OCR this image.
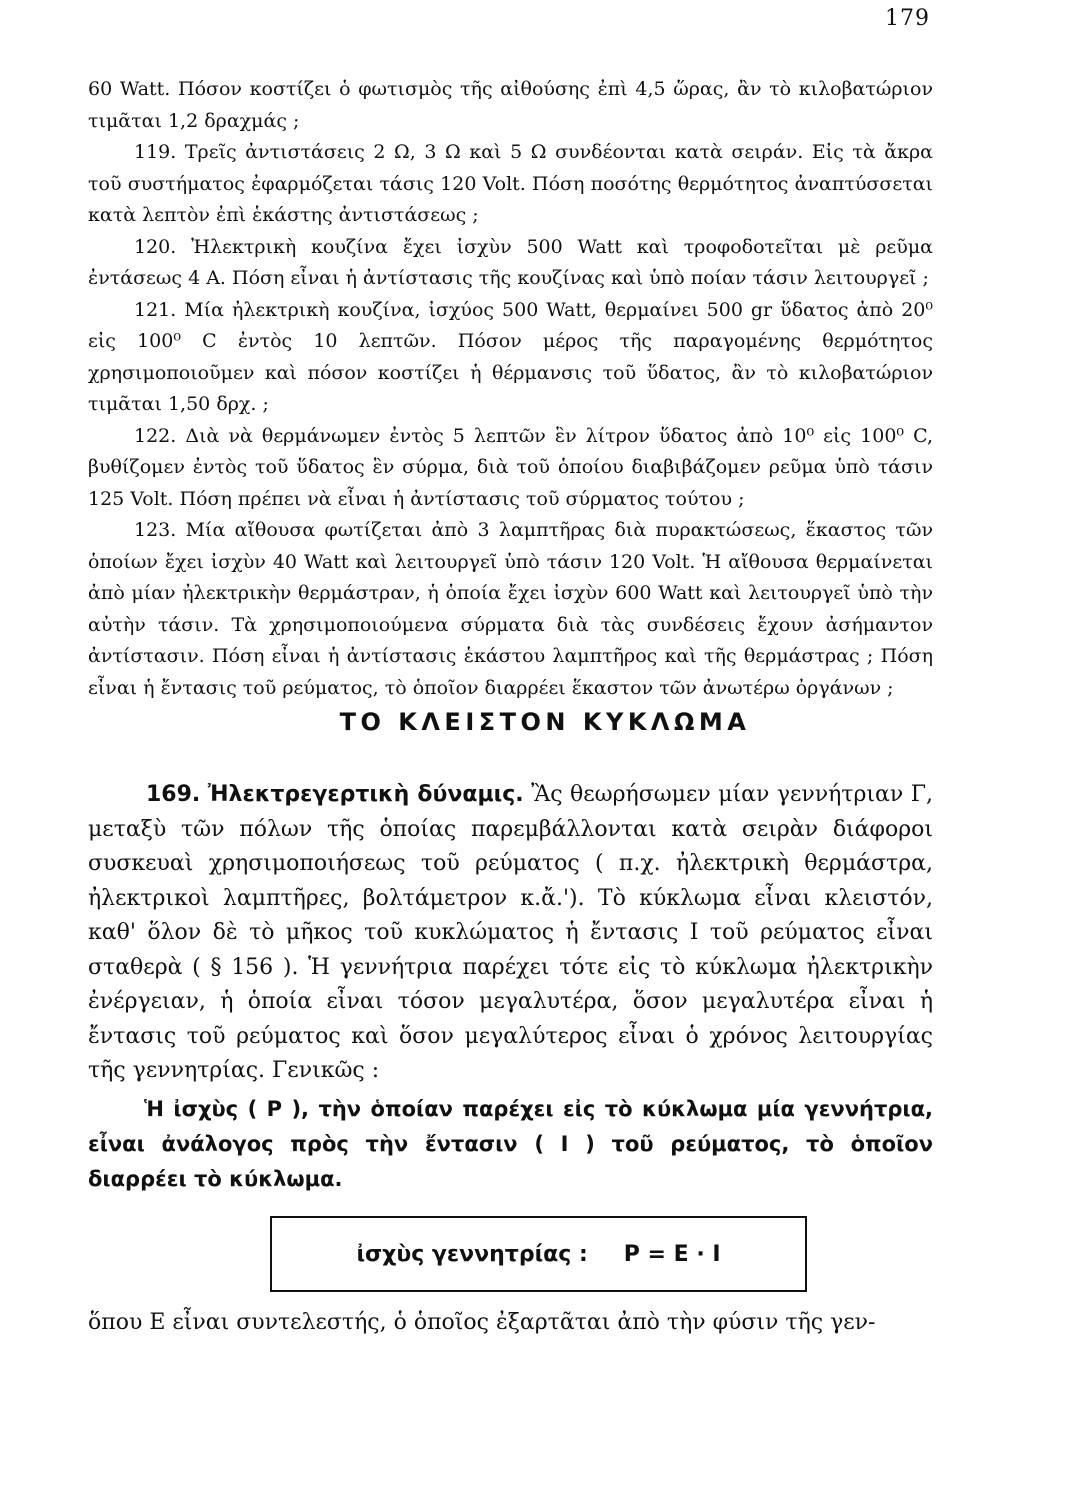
179

60 Watt. Πόσον κοστίζει ὁ φωτισμὸς τῆς αἰθούσης ἐπὶ 4,5 ὥρας, ἂν τὸ κιλοβατώριον τιμᾶται 1,2 δραχμάς ;

119. Τρεῖς ἀντιστάσεις 2 Ω, 3 Ω καὶ 5 Ω συνδέονται κατὰ σειράν. Εἰς τὰ ἄκρα τοῦ συστήματος ἐφαρμόζεται τάσις 120 Volt. Πόση ποσότης θερμότητος ἀναπτύσσεται κατὰ λεπτὸν ἐπὶ ἑκάστης ἀντιστάσεως ;

120. Ἠλεκτρικὴ κουζίνα ἔχει ἰσχὺν 500 Watt καὶ τροφοδοτεῖται μὲ ρεῦμα ἐντάσεως 4 A. Πόση εἶναι ἡ ἀντίστασις τῆς κουζίνας καὶ ὑπὸ ποίαν τάσιν λειτουργεῖ ;

121. Μία ἠλεκτρικὴ κουζίνα, ἰσχύος 500 Watt, θερμαίνει 500 gr ὕδατος ἀπὸ 20⁰ εἰς 100⁰ C ἐντὸς 10 λεπτῶν. Πόσον μέρος τῆς παραγομένης θερμότητος χρησιμοποιοῦμεν καὶ πόσον κοστίζει ἡ θέρμανσις τοῦ ὕδατος, ἂν τὸ κιλοβατώριον τιμᾶται 1,50 δρχ. ;

122. Διὰ νὰ θερμάνωμεν ἐντὸς 5 λεπτῶν ἓν λίτρον ὕδατος ἀπὸ 10⁰ εἰς 100⁰ C, βυθίζομεν ἐντὸς τοῦ ὕδατος ἓν σύρμα, διὰ τοῦ ὁποίου διαβιβάζομεν ρεῦμα ὑπὸ τάσιν 125 Volt. Πόση πρέπει νὰ εἶναι ἡ ἀντίστασις τοῦ σύρματος τούτου ;

123. Μία αἴθουσα φωτίζεται ἀπὸ 3 λαμπτῆρας διὰ πυρακτώσεως, ἕκαστος τῶν ὁποίων ἔχει ἰσχὺν 40 Watt καὶ λειτουργεῖ ὑπὸ τάσιν 120 Volt. Ἡ αἴθουσα θερμαίνεται ἀπὸ μίαν ἠλεκτρικὴν θερμάστραν, ἡ ὁποία ἔχει ἰσχὺν 600 Watt καὶ λειτουργεῖ ὑπὸ τὴν αὐτὴν τάσιν. Τὰ χρησιμοποιούμενα σύρματα διὰ τὰς συνδέσεις ἔχουν ἀσήμαντον ἀντίστασιν. Πόση εἶναι ἡ ἀντίστασις ἑκάστου λαμπτῆρος καὶ τῆς θερμάστρας ; Πόση εἶναι ἡ ἔντασις τοῦ ρεύματος, τὸ ὁποῖον διαρρέει ἕκαστον τῶν ἀνωτέρω ὀργάνων ;

ΤΟ ΚΛΕΙΣΤΟΝ ΚΥΚΛΩΜΑ

169. Ἠλεκτρεγερτικὴ δύναμις. Ἂς θεωρήσωμεν μίαν γεννήτριαν Γ, μεταξὺ τῶν πόλων τῆς ὁποίας παρεμβάλλονται κατὰ σειρὰν διάφοροι συσκευαὶ χρησιμοποιήσεως τοῦ ρεύματος ( π.χ. ἠλεκτρικὴ θερμάστρα, ἠλεκτρικοὶ λαμπτῆρες, βολτάμετρον κ.ἄ.'). Τὸ κύκλωμα εἶναι κλειστόν, καθ' ὅλον δὲ τὸ μῆκος τοῦ κυκλώματος ἡ ἔντασις I τοῦ ρεύματος εἶναι σταθερὰ ( § 156 ). Ἡ γεννήτρια παρέχει τότε εἰς τὸ κύκλωμα ἠλεκτρικὴν ἐνέργειαν, ἡ ὁποία εἶναι τόσον μεγαλυτέρα, ὅσον μεγαλυτέρα εἶναι ἡ ἔντασις τοῦ ρεύματος καὶ ὅσον μεγαλύτερος εἶναι ὁ χρόνος λειτουργίας τῆς γεννητρίας. Γενικῶς :

Ἡ ἰσχὺς ( P ), τὴν ὁποίαν παρέχει εἰς τὸ κύκλωμα μία γεννήτρια, εἶναι ἀνάλογος πρὸς τὴν ἔντασιν ( I ) τοῦ ρεύματος, τὸ ὁποῖον διαρρέει τὸ κύκλωμα.

ἰσχὺς γεννητρίας : P = E · I

ὅπου E εἶναι συντελεστής, ὁ ὁποῖος ἐξαρτᾶται ἀπὸ τὴν φύσιν τῆς γεν-
